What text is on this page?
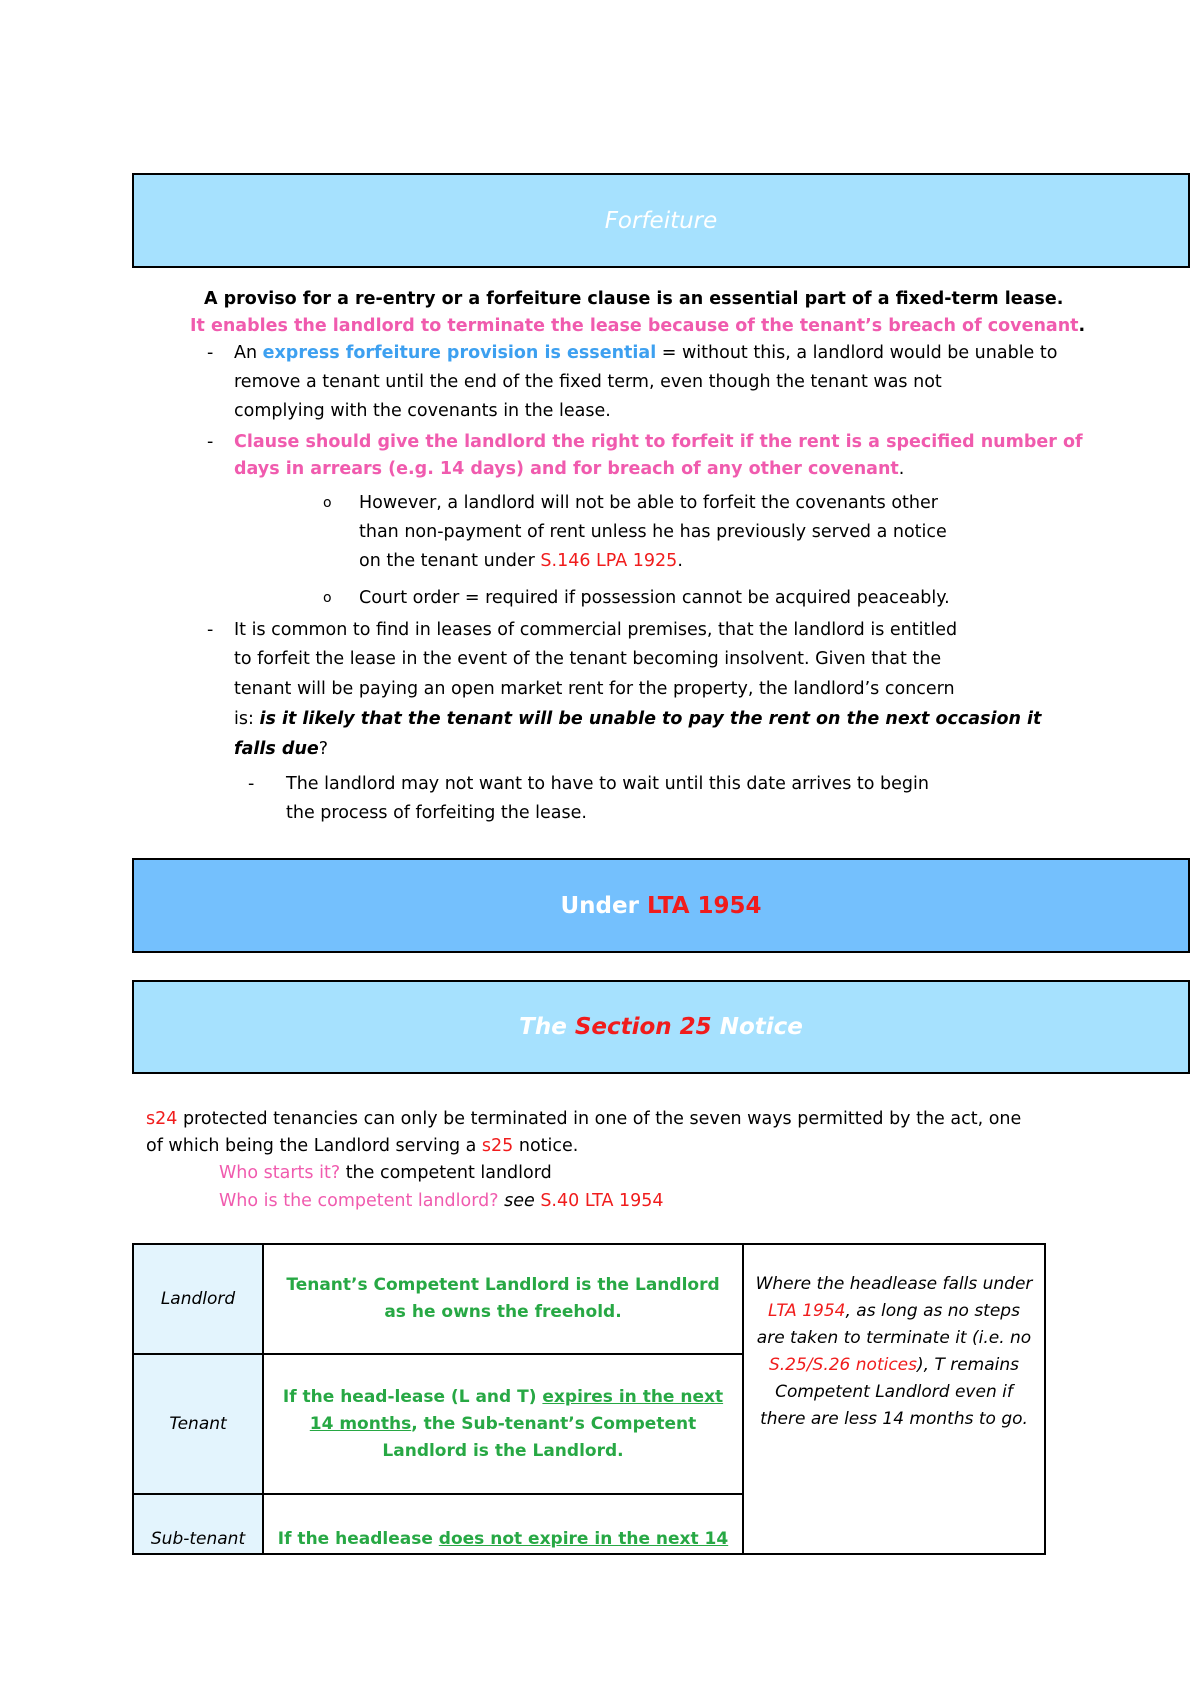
Forfeiture
A proviso for a re-entry or a forfeiture clause is an essential part of a fixed-term lease.
It enables the landlord to terminate the lease because of the tenant’s breach of covenant.
- An express forfeiture provision is essential = without this, a landlord would be unable to
remove a tenant until the end of the fixed term, even though the tenant was not
complying with the covenants in the lease.
- Clause should give the landlord the right to forfeit if the rent is a specified number of
days in arrears (e.g. 14 days) and for breach of any other covenant.
o However, a landlord will not be able to forfeit the covenants other
than non-payment of rent unless he has previously served a notice
on the tenant under S.146 LPA 1925.
o Court order = required if possession cannot be acquired peaceably.
- It is common to find in leases of commercial premises, that the landlord is entitled
to forfeit the lease in the event of the tenant becoming insolvent. Given that the
tenant will be paying an open market rent for the property, the landlord’s concern
is: is it likely that the tenant will be unable to pay the rent on the next occasion it
falls due?
- The landlord may not want to have to wait until this date arrives to begin
the process of forfeiting the lease.
Under LTA 1954
The Section 25 Notice
s24 protected tenancies can only be terminated in one of the seven ways permitted by the act, one
of which being the Landlord serving a s25 notice.
Who starts it? the competent landlord
Who is the competent landlord? see S.40 LTA 1954
Landlord	Tenant’s Competent Landlord is the Landlord as he owns the freehold.	Where the headlease falls under LTA 1954, as long as no steps are taken to terminate it (i.e. no S.25/S.26 notices), T remains Competent Landlord even if there are less 14 months to go.
Tenant	If the head-lease (L and T) expires in the next 14 months, the Sub-tenant’s Competent Landlord is the Landlord.	
Sub-tenant	If the headlease does not expire in the next 14	
